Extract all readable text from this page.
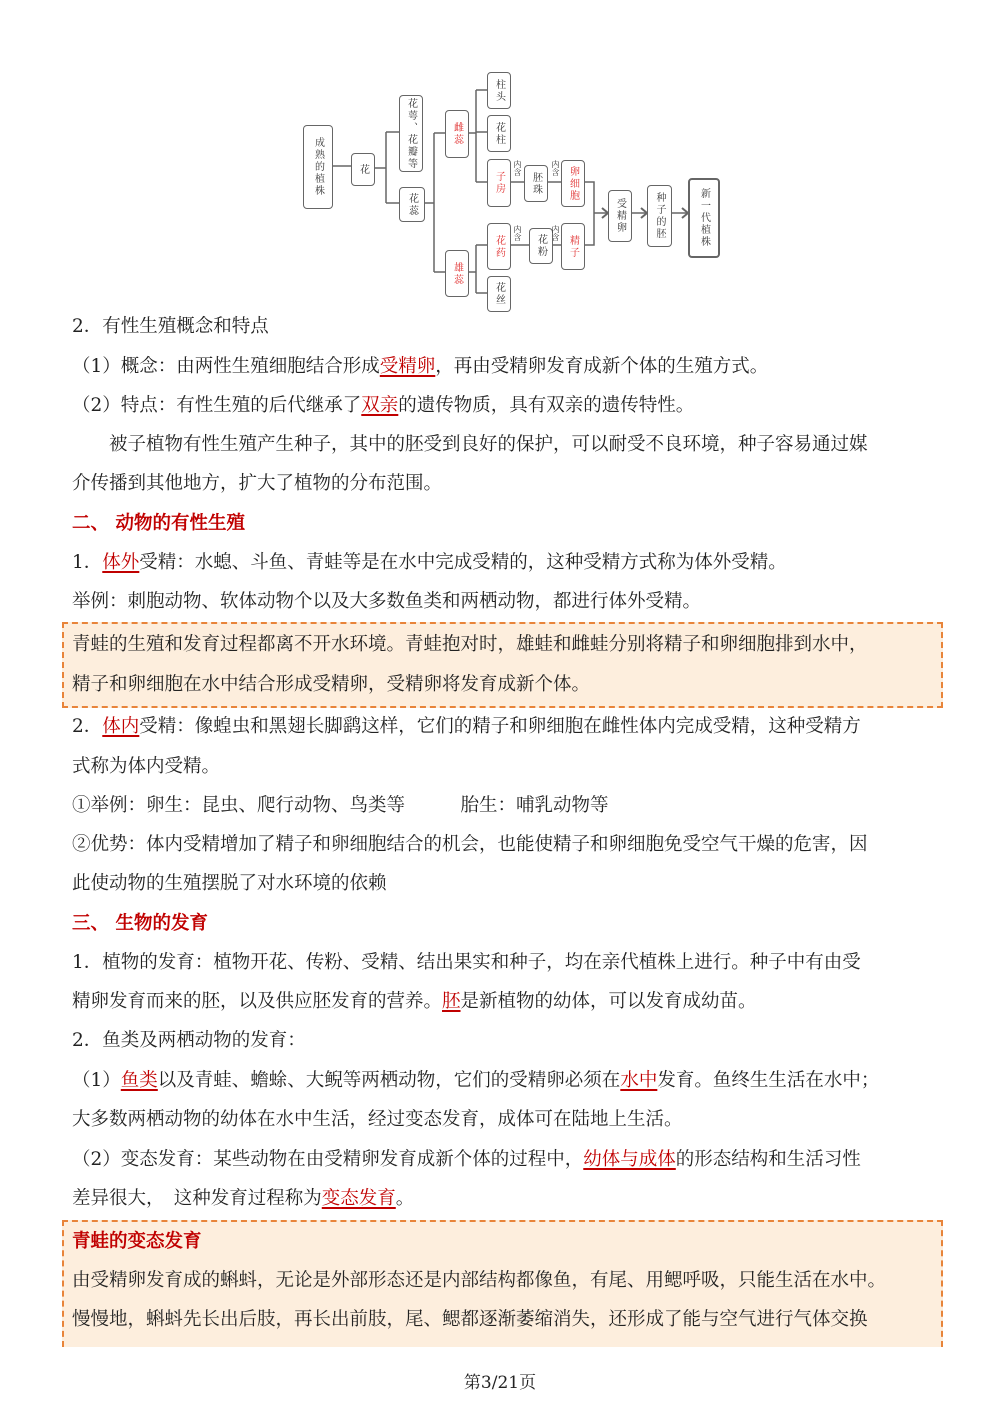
成熟的植株	花	花萼、花瓣等
花蕊
雌蕊
雄蕊
柱头
花柱
子房	胚珠	卵细胞
花药	花粉	精子
花丝
受精卵	种子的胚	新一代植株
内含	内含
内含	内含
2．有性生殖概念和特点
（1）概念：由两性生殖细胞结合形成受精卵，再由受精卵发育成新个体的生殖方式。
（2）特点：有性生殖的后代继承了双亲的遗传物质，具有双亲的遗传特性。
　　被子植物有性生殖产生种子，其中的胚受到良好的保护，可以耐受不良环境，种子容易通过媒
介传播到其他地方，扩大了植物的分布范围。
二、 动物的有性生殖
1．体外受精：水螅、斗鱼、青蛙等是在水中完成受精的，这种受精方式称为体外受精。
举例：刺胞动物、软体动物个以及大多数鱼类和两栖动物，都进行体外受精。
青蛙的生殖和发育过程都离不开水环境。青蛙抱对时，雄蛙和雌蛙分别将精子和卵细胞排到水中，
精子和卵细胞在水中结合形成受精卵，受精卵将发育成新个体。
2．体内受精：像蝗虫和黑翅长脚鹞这样，它们的精子和卵细胞在雌性体内完成受精，这种受精方
式称为体内受精。
①举例：卵生：昆虫、爬行动物、鸟类等　　　胎生：哺乳动物等
②优势：体内受精增加了精子和卵细胞结合的机会，也能使精子和卵细胞免受空气干燥的危害，因
此使动物的生殖摆脱了对水环境的依赖
三、 生物的发育
1．植物的发育：植物开花、传粉、受精、结出果实和种子，均在亲代植株上进行。种子中有由受
精卵发育而来的胚，以及供应胚发育的营养。胚是新植物的幼体，可以发育成幼苗。
2．鱼类及两栖动物的发育：
（1）鱼类以及青蛙、蟾蜍、大鲵等两栖动物，它们的受精卵必须在水中发育。鱼终生生活在水中；
大多数两栖动物的幼体在水中生活，经过变态发育，成体可在陆地上生活。
（2）变态发育：某些动物在由受精卵发育成新个体的过程中，幼体与成体的形态结构和生活习性
差异很大，　这种发育过程称为变态发育。
青蛙的变态发育
由受精卵发育成的蝌蚪，无论是外部形态还是内部结构都像鱼，有尾、用鳃呼吸，只能生活在水中。
慢慢地，蝌蚪先长出后肢，再长出前肢，尾、鳃都逐渐萎缩消失，还形成了能与空气进行气体交换
第3/21页
